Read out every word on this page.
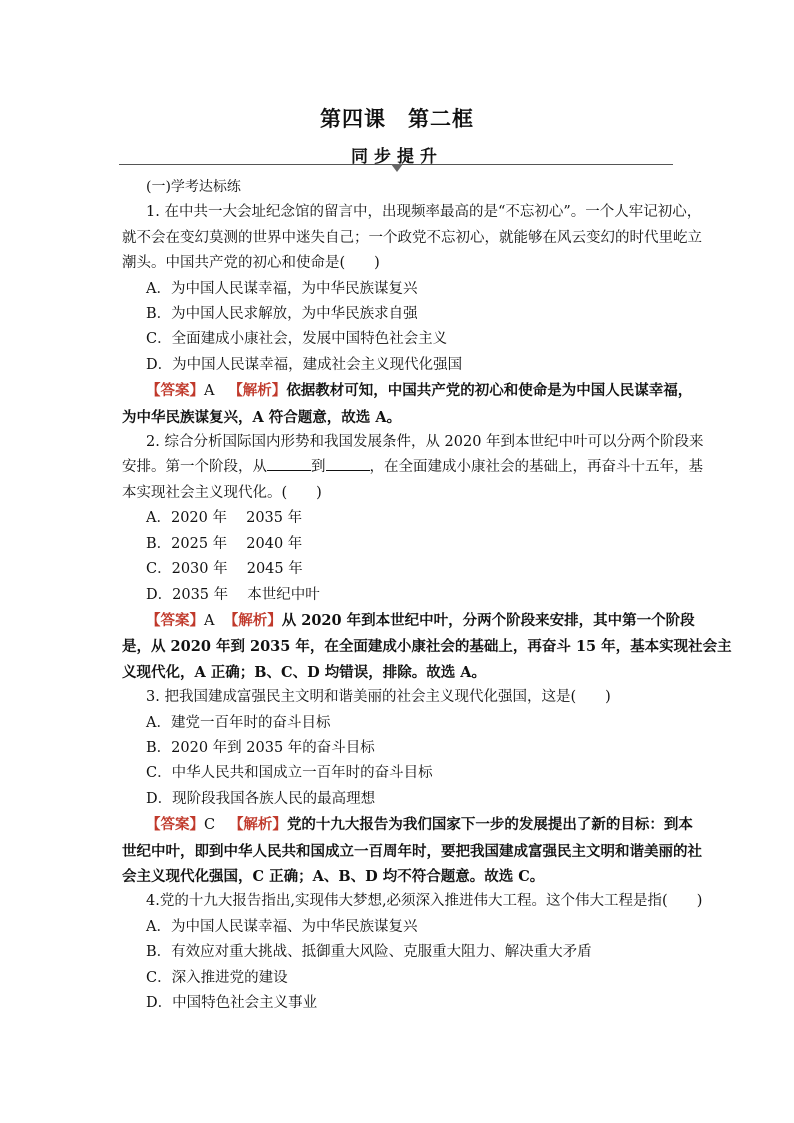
第四课　第二框
同步提升

(一)学考达标练

1. 在中共一大会址纪念馆的留言中，出现频率最高的是“不忘初心”。一个人牢记初心，

就不会在变幻莫测的世界中迷失自己；一个政党不忘初心，就能够在风云变幻的时代里屹立

潮头。中国共产党的初心和使命是(　　)

A．为中国人民谋幸福，为中华民族谋复兴

B．为中国人民求解放，为中华民族求自强

C．全面建成小康社会，发展中国特色社会主义

D．为中国人民谋幸福，建成社会主义现代化强国

【答案】A 【解析】依据教材可知，中国共产党的初心和使命是为中国人民谋幸福，

为中华民族谋复兴，A 符合题意，故选 A。

2. 综合分析国际国内形势和我国发展条件，从 2020 年到本世纪中叶可以分两个阶段来

安排。第一个阶段，从	到	，在全面建成小康社会的基础上，再奋斗十五年，基

本实现社会主义现代化。(　　)

A．2020 年　 2035 年

B．2025 年　 2040 年

C．2030 年　 2045 年

D．2035 年　 本世纪中叶

【答案】A 【解析】从 2020 年到本世纪中叶，分两个阶段来安排，其中第一个阶段

是，从 2020 年到 2035 年，在全面建成小康社会的基础上，再奋斗 15 年，基本实现社会主

义现代化，A 正确；B、C、D 均错误，排除。故选 A。

3. 把我国建成富强民主文明和谐美丽的社会主义现代化强国，这是(　　)

A．建党一百年时的奋斗目标

B．2020 年到 2035 年的奋斗目标

C．中华人民共和国成立一百年时的奋斗目标

D．现阶段我国各族人民的最高理想

【答案】C 【解析】党的十九大报告为我们国家下一步的发展提出了新的目标：到本

世纪中叶，即到中华人民共和国成立一百周年时，要把我国建成富强民主文明和谐美丽的社

会主义现代化强国，C 正确；A、B、D 均不符合题意。故选 C。

4.党的十九大报告指出,实现伟大梦想,必须深入推进伟大工程。这个伟大工程是指(　　)

A．为中国人民谋幸福、为中华民族谋复兴

B．有效应对重大挑战、抵御重大风险、克服重大阻力、解决重大矛盾

C．深入推进党的建设

D．中国特色社会主义事业
